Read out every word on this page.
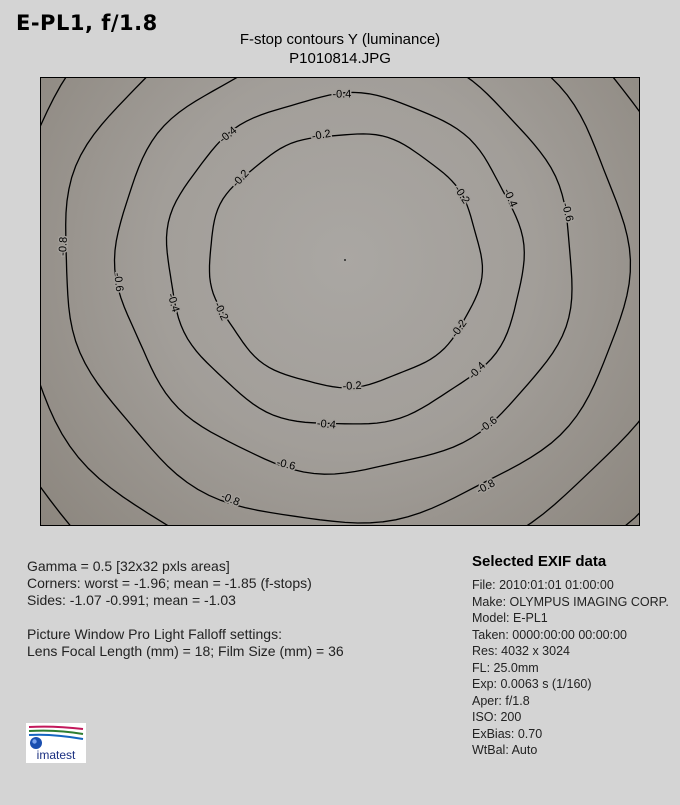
E-PL1, f/1.8
F-stop contours Y (luminance)
P1010814.JPG
-0.2
-0.2
-0.2
-0.2
-0.2
-0.2
-0.4
-0.4
-0.4
-0.4
-0.4
-0.4
-0.6
-0.6
-0.6
-0.6
-0.8
-0.8
-0.8
Gamma = 0.5 [32x32 pxls areas]
Corners: worst = -1.96; mean = -1.85 (f-stops)
Sides: -1.07 -0.991; mean = -1.03
Picture Window Pro Light Falloff settings:
Lens Focal Length (mm) = 18; Film Size (mm) = 36
Selected EXIF data
File: 2010:01:01 01:00:00
Make: OLYMPUS IMAGING CORP.
Model: E-PL1
Taken: 0000:00:00 00:00:00
Res: 4032 x 3024
FL: 25.0mm
Exp: 0.0063 s (1/160)
Aper: f/1.8
ISO: 200
ExBias: 0.70
WtBal: Auto
imatest
